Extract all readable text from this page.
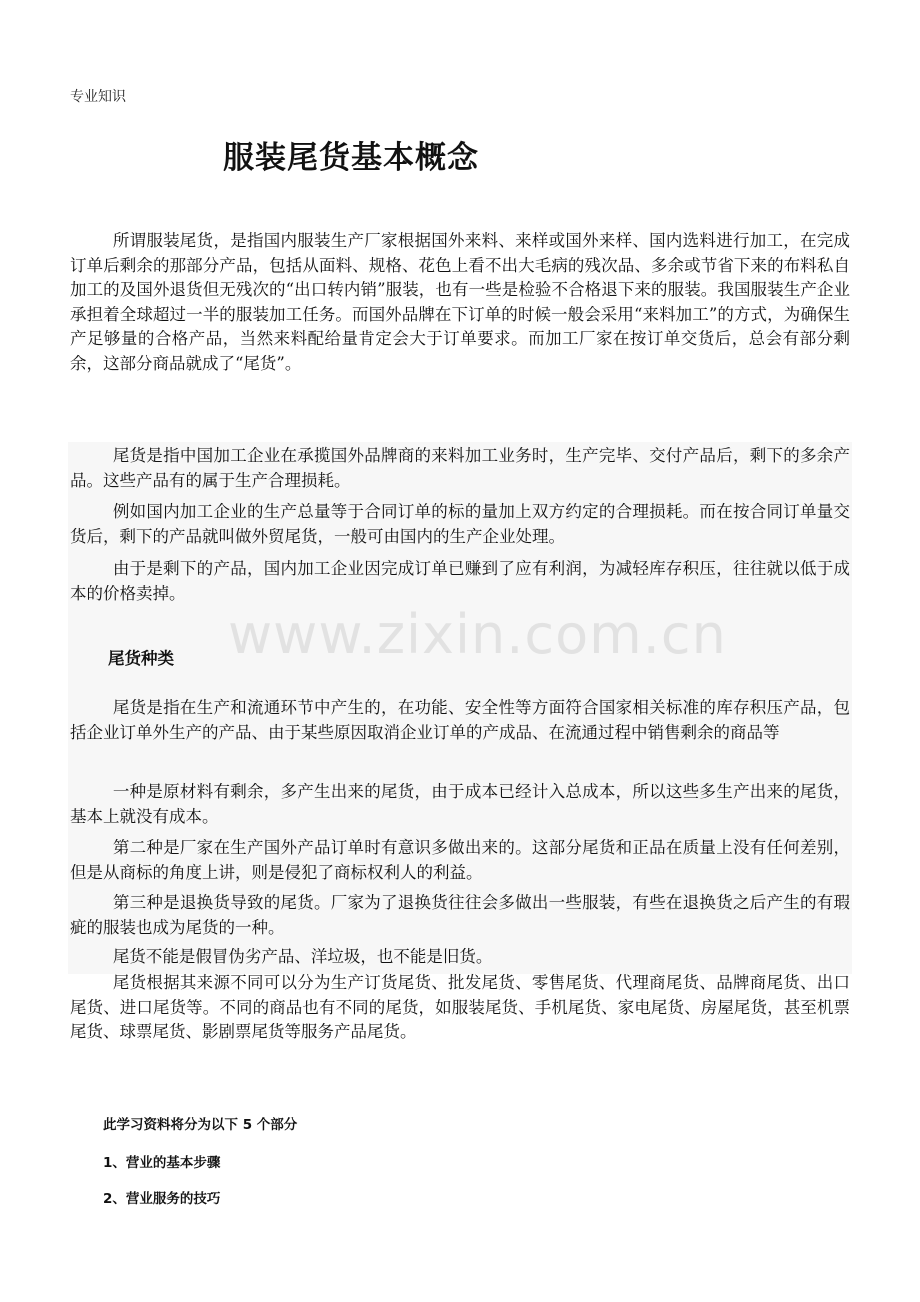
专业知识
服装尾货基本概念
所谓服装尾货，是指国内服装生产厂家根据国外来料、来样或国外来样、国内选料进行加工，在完成订单后剩余的那部分产品，包括从面料、规格、花色上看不出大毛病的残次品、多余或节省下来的布料私自加工的及国外退货但无残次的“出口转内销”服装，也有一些是检验不合格退下来的服装。我国服装生产企业承担着全球超过一半的服装加工任务。而国外品牌在下订单的时候一般会采用“来料加工”的方式，为确保生产足够量的合格产品，当然来料配给量肯定会大于订单要求。而加工厂家在按订单交货后，总会有部分剩余，这部分商品就成了“尾货”。
尾货是指中国加工企业在承揽国外品牌商的来料加工业务时，生产完毕、交付产品后，剩下的多余产品。这些产品有的属于生产合理损耗。
例如国内加工企业的生产总量等于合同订单的标的量加上双方约定的合理损耗。而在按合同订单量交货后，剩下的产品就叫做外贸尾货，一般可由国内的生产企业处理。
由于是剩下的产品，国内加工企业因完成订单已赚到了应有利润，为减轻库存积压，往往就以低于成本的价格卖掉。
www.zixin.com.cn
尾货种类
尾货是指在生产和流通环节中产生的，在功能、安全性等方面符合国家相关标准的库存积压产品，包括企业订单外生产的产品、由于某些原因取消企业订单的产成品、在流通过程中销售剩余的商品等
一种是原材料有剩余，多产生出来的尾货，由于成本已经计入总成本，所以这些多生产出来的尾货，基本上就没有成本。
第二种是厂家在生产国外产品订单时有意识多做出来的。这部分尾货和正品在质量上没有任何差别，但是从商标的角度上讲，则是侵犯了商标权利人的利益。
第三种是退换货导致的尾货。厂家为了退换货往往会多做出一些服装，有些在退换货之后产生的有瑕疵的服装也成为尾货的一种。
尾货不能是假冒伪劣产品、洋垃圾，也不能是旧货。
尾货根据其来源不同可以分为生产订货尾货、批发尾货、零售尾货、代理商尾货、品牌商尾货、出口尾货、进口尾货等。不同的商品也有不同的尾货，如服装尾货、手机尾货、家电尾货、房屋尾货，甚至机票尾货、球票尾货、影剧票尾货等服务产品尾货。
此学习资料将分为以下 5 个部分
1、营业的基本步骤
2、营业服务的技巧
